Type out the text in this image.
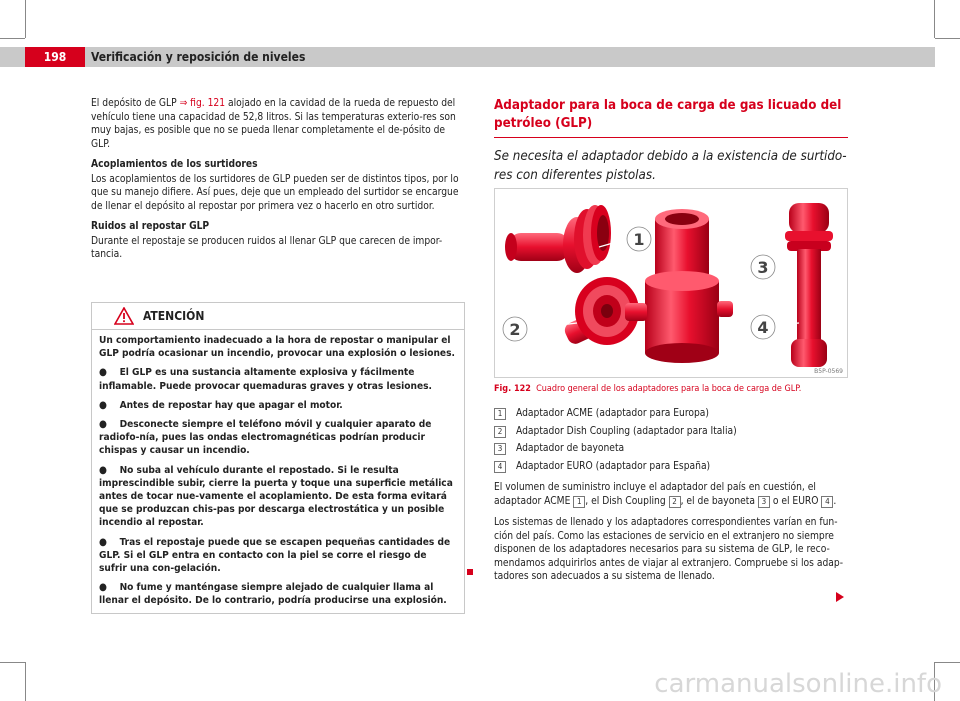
198	Verificación y reposición de niveles

El depósito de GLP ⇒ fig. 121 alojado en la cavidad de la rueda de repuesto del vehículo tiene una capacidad de 52,8 litros. Si las temperaturas exterio-res son muy bajas, es posible que no se pueda llenar completamente el de-pósito de GLP.

Acoplamientos de los surtidores

Los acoplamientos de los surtidores de GLP pueden ser de distintos tipos, por lo que su manejo difiere. Así pues, deje que un empleado del surtidor se encargue de llenar el depósito al repostar por primera vez o hacerlo en otro surtidor.

Ruidos al repostar GLP

Durante el repostaje se producen ruidos al llenar GLP que carecen de impor-tancia.

ATENCIÓN

Un comportamiento inadecuado a la hora de repostar o manipular el GLP podría ocasionar un incendio, provocar una explosión o lesiones.

●    El GLP es una sustancia altamente explosiva y fácilmente inflamable. Puede provocar quemaduras graves y otras lesiones.

●    Antes de repostar hay que apagar el motor.

●    Desconecte siempre el teléfono móvil y cualquier aparato de radiofo-nía, pues las ondas electromagnéticas podrían producir chispas y causar un incendio.

●    No suba al vehículo durante el repostado. Si le resulta imprescindible subir, cierre la puerta y toque una superficie metálica antes de tocar nue-vamente el acoplamiento. De esta forma evitará que se produzcan chis-pas por descarga electrostática y un posible incendio al repostar.

●    Tras el repostaje puede que se escapen pequeñas cantidades de GLP. Si el GLP entra en contacto con la piel se corre el riesgo de sufrir una con-gelación.

●    No fume y manténgase siempre alejado de cualquier llama al llenar el depósito. De lo contrario, podría producirse una explosión.

Adaptador para la boca de carga de gas licuado del petróleo (GLP)
Se necesita el adaptador debido a la existencia de surtido-res con diferentes pistolas.
1
2
3
4
B5P-0569
Fig. 122 Cuadro general de los adaptadores para la boca de carga de GLP.
1	Adaptador ACME (adaptador para Europa)
2	Adaptador Dish Coupling (adaptador para Italia)
3	Adaptador de bayoneta
4	Adaptador EURO (adaptador para España)

El volumen de suministro incluye el adaptador del país en cuestión, el adaptador ACME 1 , el Dish Coupling 2 , el de bayoneta 3 o el EURO 4 .

Los sistemas de llenado y los adaptadores correspondientes varían en fun-ción del país. Como las estaciones de servicio en el extranjero no siempre disponen de los adaptadores necesarios para su sistema de GLP, le reco-mendamos adquirirlos antes de viajar al extranjero. Compruebe si los adap-tadores son adecuados a su sistema de llenado.

carmanualsonline.info
